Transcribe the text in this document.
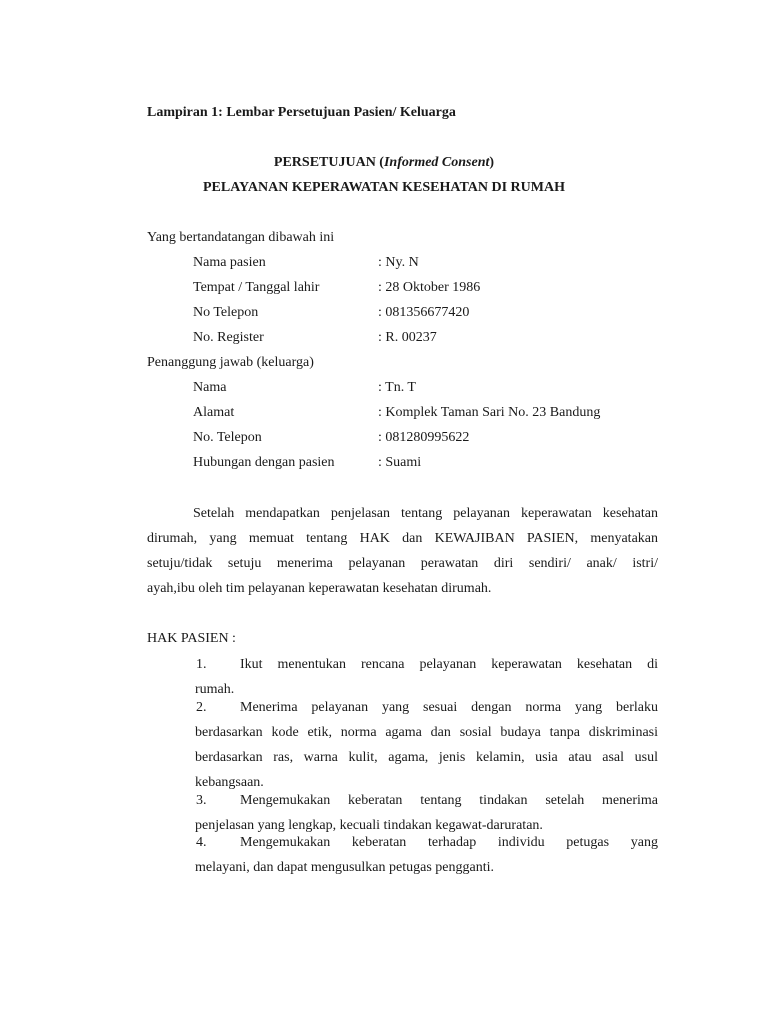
Lampiran 1: Lembar Persetujuan Pasien/ Keluarga
PERSETUJUAN (Informed Consent)
PELAYANAN KEPERAWATAN KESEHATAN DI RUMAH
Yang bertandatangan dibawah ini
Nama pasien	: Ny. N
Tempat / Tanggal lahir	: 28 Oktober 1986
No Telepon	: 081356677420
No. Register	: R. 00237
Penanggung jawab (keluarga)
Nama	: Tn. T
Alamat	: Komplek Taman Sari No. 23 Bandung
No. Telepon	: 081280995622
Hubungan dengan pasien	: Suami
Setelah mendapatkan penjelasan tentang pelayanan keperawatan kesehatan
dirumah, yang memuat tentang HAK dan KEWAJIBAN PASIEN, menyatakan
setuju/tidak setuju menerima pelayanan perawatan diri sendiri/ anak/ istri/
ayah,ibu oleh tim pelayanan keperawatan kesehatan dirumah.
HAK PASIEN :
1. Ikut menentukan rencana pelayanan keperawatan kesehatan di
rumah.
2. Menerima pelayanan yang sesuai dengan norma yang berlaku
berdasarkan kode etik, norma agama dan sosial budaya tanpa diskriminasi
berdasarkan ras, warna kulit, agama, jenis kelamin, usia atau asal usul
kebangsaan.
3. Mengemukakan keberatan tentang tindakan setelah menerima
penjelasan yang lengkap, kecuali tindakan kegawat-daruratan.
4. Mengemukakan keberatan terhadap individu petugas yang
melayani, dan dapat mengusulkan petugas pengganti.
